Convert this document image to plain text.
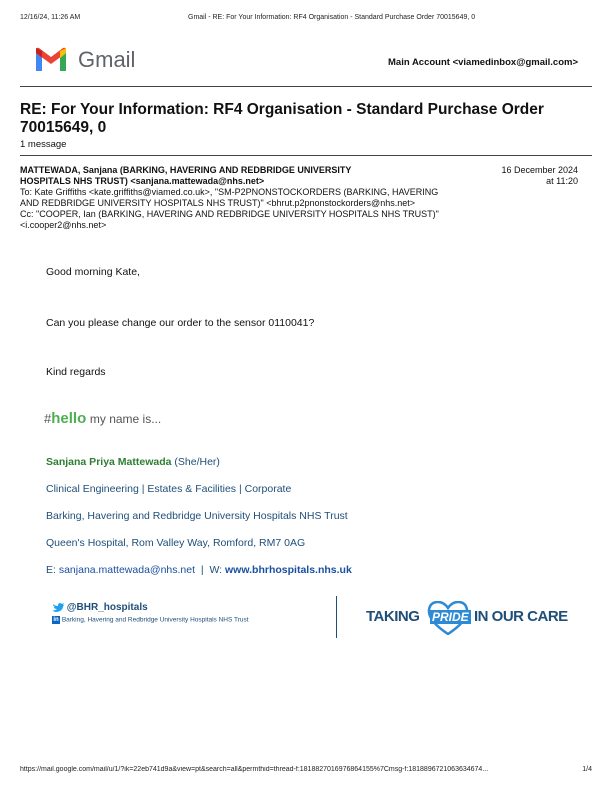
12/16/24, 11:26 AM	Gmail - RE: For Your Information: RF4 Organisation - Standard Purchase Order 70015649, 0
Gmail	Main Account <viamedinbox@gmail.com>
RE: For Your Information: RF4 Organisation - Standard Purchase Order
70015649, 0
1 message
MATTEWADA, Sanjana (BARKING, HAVERING AND REDBRIDGE UNIVERSITY
HOSPITALS NHS TRUST) <sanjana.mattewada@nhs.net>
16 December 2024
at 11:20
To: Kate Griffiths <kate.griffiths@viamed.co.uk>, "SM-P2PNONSTOCKORDERS (BARKING, HAVERING
AND REDBRIDGE UNIVERSITY HOSPITALS NHS TRUST)" <bhrut.p2pnonstockorders@nhs.net>
Cc: "COOPER, Ian (BARKING, HAVERING AND REDBRIDGE UNIVERSITY HOSPITALS NHS TRUST)"
<i.cooper2@nhs.net>
Good morning Kate,
Can you please change our order to the sensor 0110041?
Kind regards
#hello my name is...
Sanjana Priya Mattewada (She/Her)
Clinical Engineering | Estates & Facilities | Corporate
Barking, Havering and Redbridge University Hospitals NHS Trust
Queen's Hospital, Rom Valley Way, Romford, RM7 0AG
E: sanjana.mattewada@nhs.net | W: www.bhrhospitals.nhs.uk
@BHR_hospitals
in Barking, Havering and Redbridge University Hospitals NHS Trust	TAKING PRIDE IN OUR CARE
https://mail.google.com/mail/u/1/?ik=22eb741d9a&view=pt&search=all&permthid=thread-f:1818827016976864155%7Cmsg-f:1818896721063634674...	1/4
